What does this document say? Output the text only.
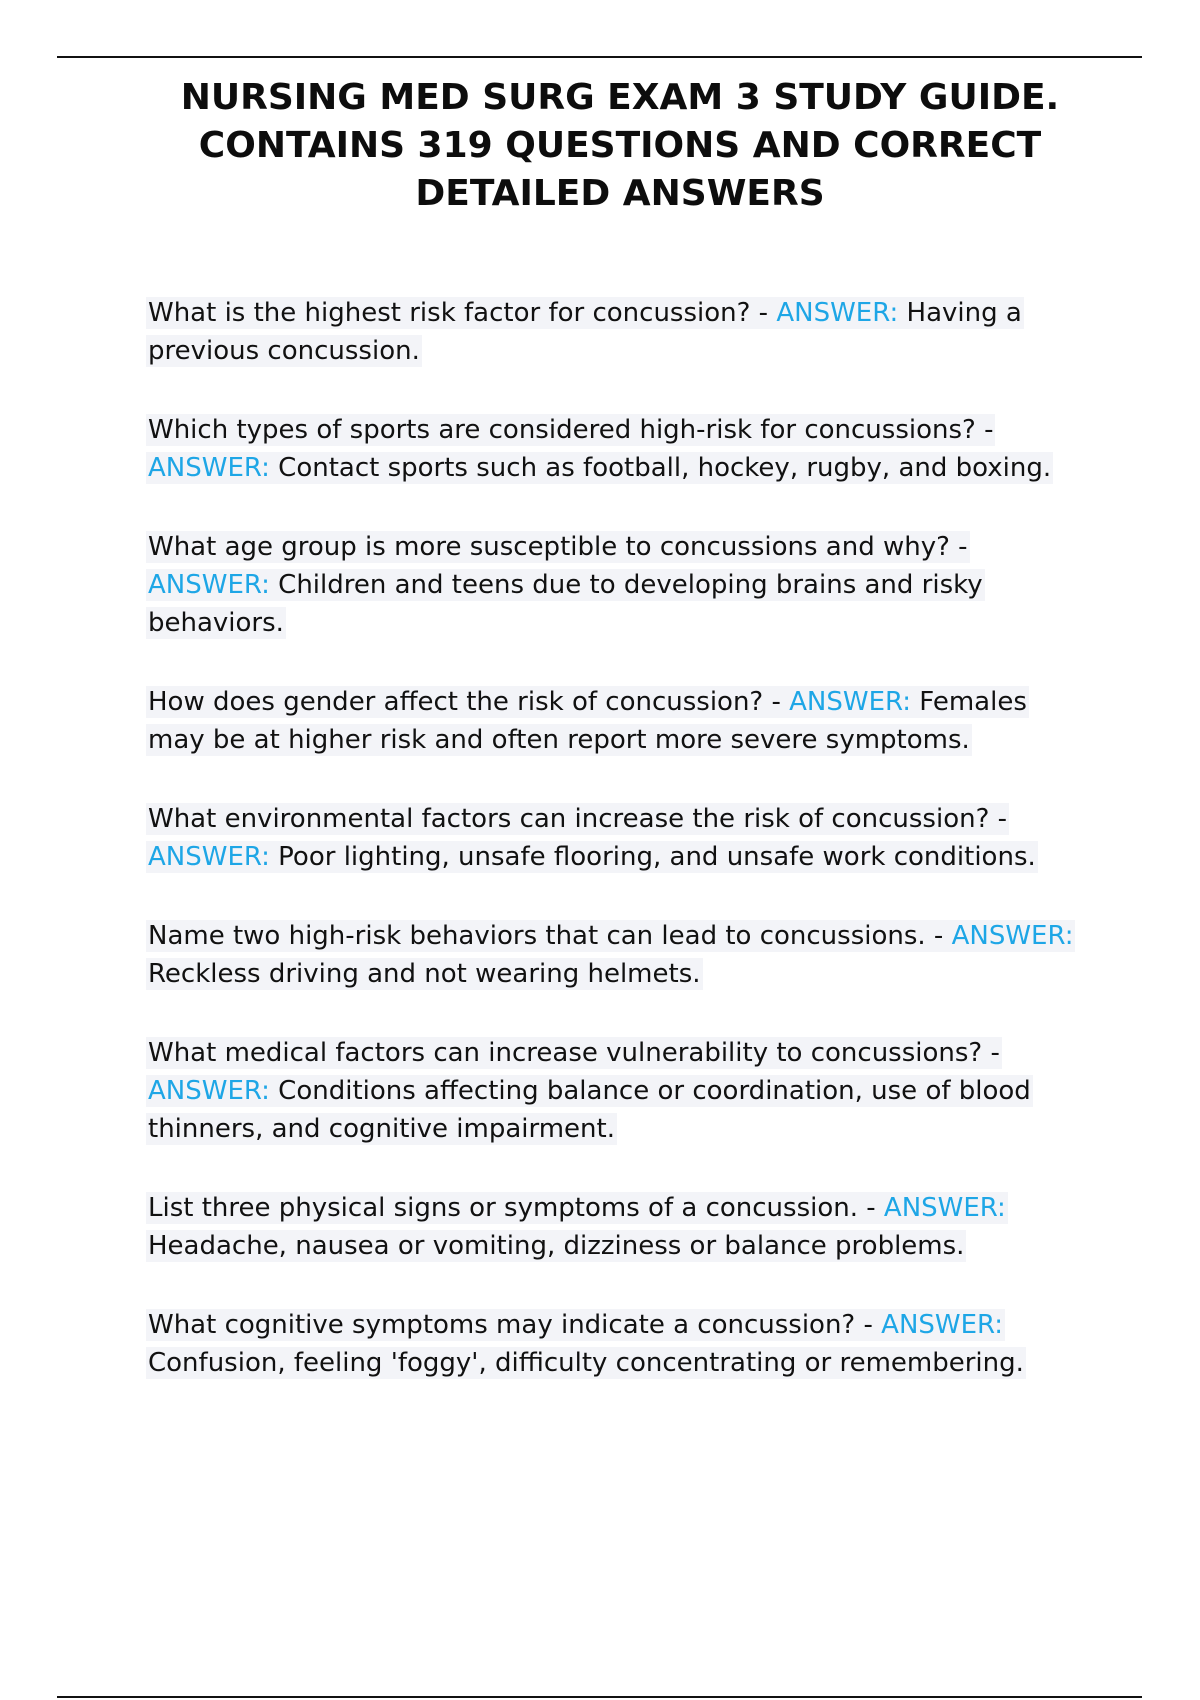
NURSING MED SURG EXAM 3 STUDY GUIDE.
CONTAINS 319 QUESTIONS AND CORRECT
DETAILED ANSWERS
What is the highest risk factor for concussion? - ANSWER: Having a previous concussion.
Which types of sports are considered high-risk for concussions? - ANSWER: Contact sports such as football, hockey, rugby, and boxing.
What age group is more susceptible to concussions and why? - ANSWER: Children and teens due to developing brains and risky behaviors.
How does gender affect the risk of concussion? - ANSWER: Females may be at higher risk and often report more severe symptoms.
What environmental factors can increase the risk of concussion? - ANSWER: Poor lighting, unsafe flooring, and unsafe work conditions.
Name two high-risk behaviors that can lead to concussions. - ANSWER: Reckless driving and not wearing helmets.
What medical factors can increase vulnerability to concussions? - ANSWER: Conditions affecting balance or coordination, use of blood thinners, and cognitive impairment.
List three physical signs or symptoms of a concussion. - ANSWER: Headache, nausea or vomiting, dizziness or balance problems.
What cognitive symptoms may indicate a concussion? - ANSWER: Confusion, feeling 'foggy', difficulty concentrating or remembering.
